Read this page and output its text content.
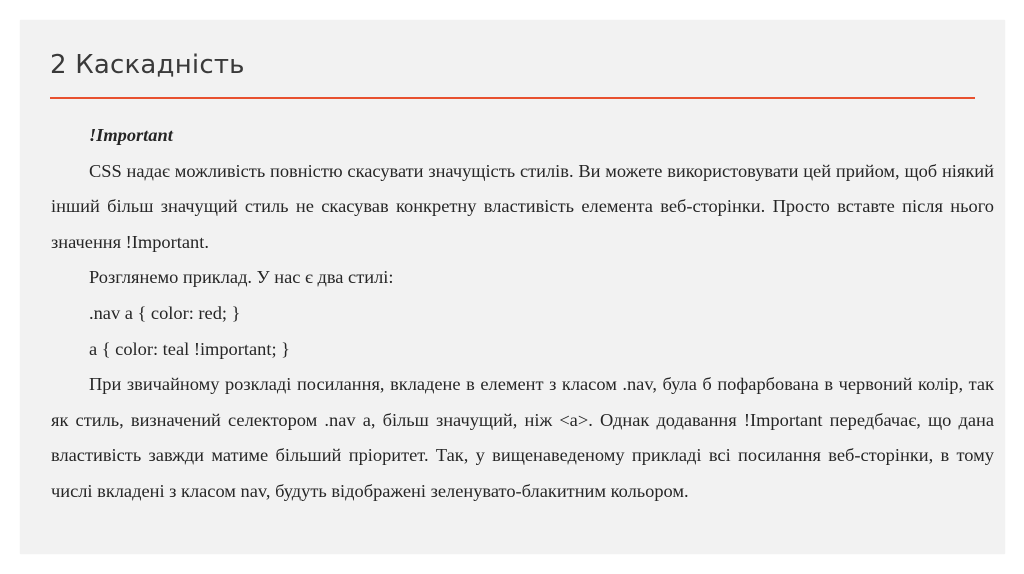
2 Каскадність

!Important

CSS надає можливість повністю скасувати значущість стилів. Ви можете використовувати цей прийом, щоб ніякий інший більш значущий стиль не скасував конкретну властивість елемента веб-сторінки. Просто вставте після нього значення !Important.

Розглянемо приклад. У нас є два стилі:

.nav a { color: red; }

a { color: teal !important; }

При звичайному розкладі посилання, вкладене в елемент з класом .nav, була б пофарбована в червоний колір, так як стиль, визначений селектором .nav a, більш значущий, ніж <a>. Однак додавання !Important передбачає, що дана властивість завжди матиме більший пріоритет. Так, у вищенаведеному прикладі всі посилання веб-сторінки, в тому числі вкладені з класом nav, будуть відображені зеленувато-блакитним кольором.
